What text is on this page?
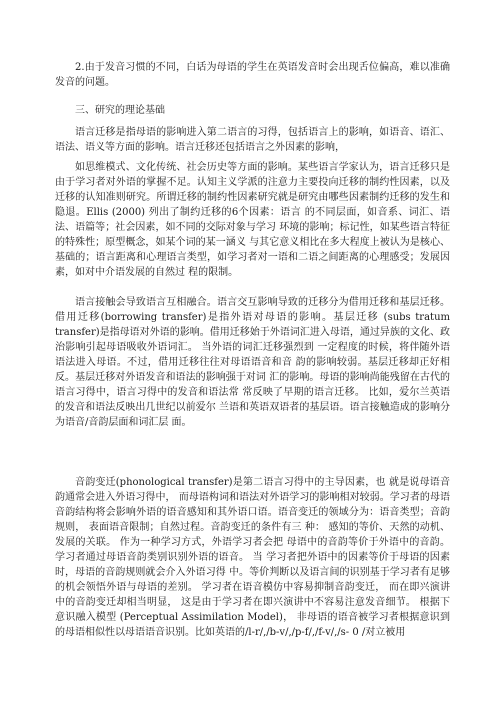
2.由于发音习惯的不同，白话为母语的学生在英语发音时会出现舌位偏高，难以准确发音的问题。

三、研究的理论基础

语言迁移是指母语的影响进入第二语言的习得，包括语言上的影响，如语音、语汇、语法、语义等方面的影响。语言迁移还包括语言之外因素的影响，

如思维模式、文化传统、社会历史等方面的影响。某些语言学家认为，语言迁移只是由于学习者对外语的掌握不足。认知主义学派的注意力主要投向迁移的制约性因素，以及迁移的认知准则研究。所谓迁移的制约性因素研究就是研究由哪些因素制约迁移的发生和隐退。Ellis (2000) 列出了制约迁移的6个因素：语言 的不同层面，如音系、词汇、语法、语篇等；社会因素，如不同的交际对象与学习 环境的影响；标记性，如某些语言特征的特殊性；原型概念，如某个词的某一涵义 与其它意义相比在多大程度上被认为是核心、基础的；语言距离和心理语言类型，如学习者对一语和二语之间距离的心理感受；发展因素，如对中介语发展的自然过 程的限制。

语言接触会导致语言互相融合。语言交互影响导致的迁移分为借用迁移和基层迁移。借用迁移(borrowing transfer)是指外语对母语的影响。基层迁移 (subs tratum transfer)是指母语对外语的影响。借用迁移始于外语词汇进入母语，通过异族的文化、政治影响引起母语吸收外语词汇。 当外语的词汇迁移强烈到 一定程度的时候，将伴随外语语法进入母语。不过，借用迁移往往对母语语音和音 韵的影响较弱。基层迁移却正好相反。基层迁移对外语发音和语法的影响强于对词 汇的影响。母语的影响尚能残留在古代的语言习得中，语言习得中的发音和语法常 常反映了早期的语言迁移。 比如，爱尔兰英语的发音和语法反映出几世纪以前爱尔 兰语和英语双语者的基层语。语言接触造成的影响分为语音/音韵层面和词汇层 面。

音韵变迁(phonological transfer)是第二语言习得中的主导因素，也 就是说母语音韵通常会进入外语习得中， 而母语构词和语法对外语学习的影响相对较弱。学习者的母语音韵结构将会影响外语的语音感知和其外语口语。语音变迁的领域分为：语音类型；音韵规则， 表面语音限制；自然过程。音韵变迁的条件有三 种： 感知的等价、天然的动机、发展的关联。 作为一种学习方式，外语学习者会把 母语中的音韵等价于外语中的音韵。学习者通过母语音韵类别识别外语的语音。 当 学习者把外语中的因素等价于母语的因素时，母语的音韵规则就会介入外语习得 中。等价判断以及语言间的识别基于学习者有足够的机会领悟外语与母语的差别。 学习者在语音模仿中容易抑制音韵变迁， 而在即兴演讲中的音韵变迁却相当明显， 这是由于学习者在即兴演讲中不容易注意发音细节。 根据下意识融入模型 (Perceptual Assimilation Model)， 非母语的语音被学习者根据意识到的母语相似性以母语语音识别。比如英语的/l-r/,/b-v/,/p-f/,/f-v/,/s- 0 /对立被用
